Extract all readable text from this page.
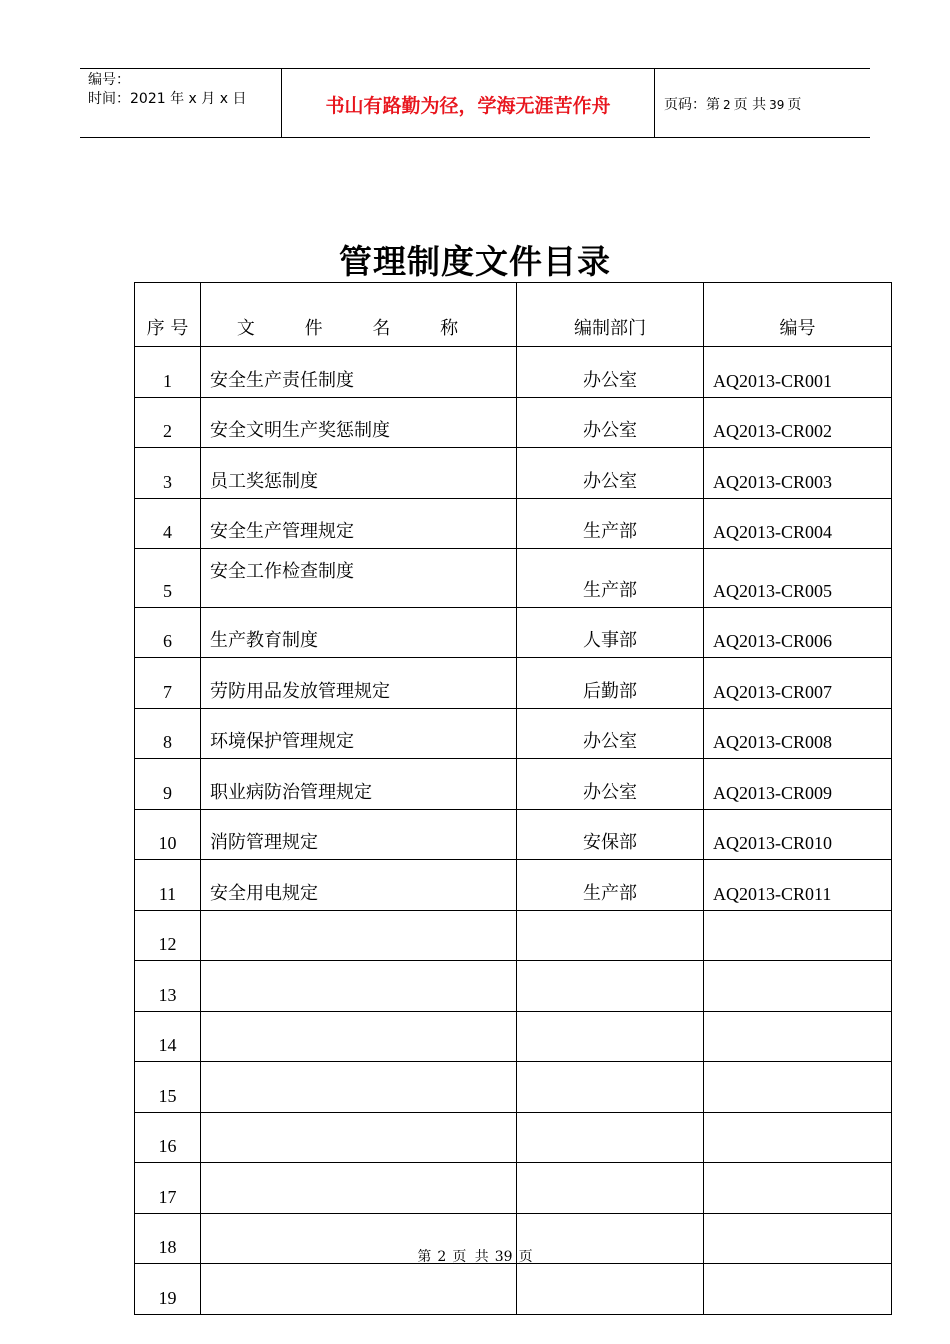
编号：
时间：2021 年 x 月 x 日	书山有路勤为径，学海无涯苦作舟	页码：第 2 页 共 39 页
管理制度文件目录
序 号	文 件 名 称	编制部门	编号
1	安全生产责任制度	办公室	AQ2013-CR001
2	安全文明生产奖惩制度	办公室	AQ2013-CR002
3	员工奖惩制度	办公室	AQ2013-CR003
4	安全生产管理规定	生产部	AQ2013-CR004
5	安全工作检查制度	生产部	AQ2013-CR005
6	生产教育制度	人事部	AQ2013-CR006
7	劳防用品发放管理规定	后勤部	AQ2013-CR007
8	环境保护管理规定	办公室	AQ2013-CR008
9	职业病防治管理规定	办公室	AQ2013-CR009
10	消防管理规定	安保部	AQ2013-CR010
11	安全用电规定	生产部	AQ2013-CR011
12			
13			
14			
15			
16			
17			
18			
19			
第 2 页 共 39 页
